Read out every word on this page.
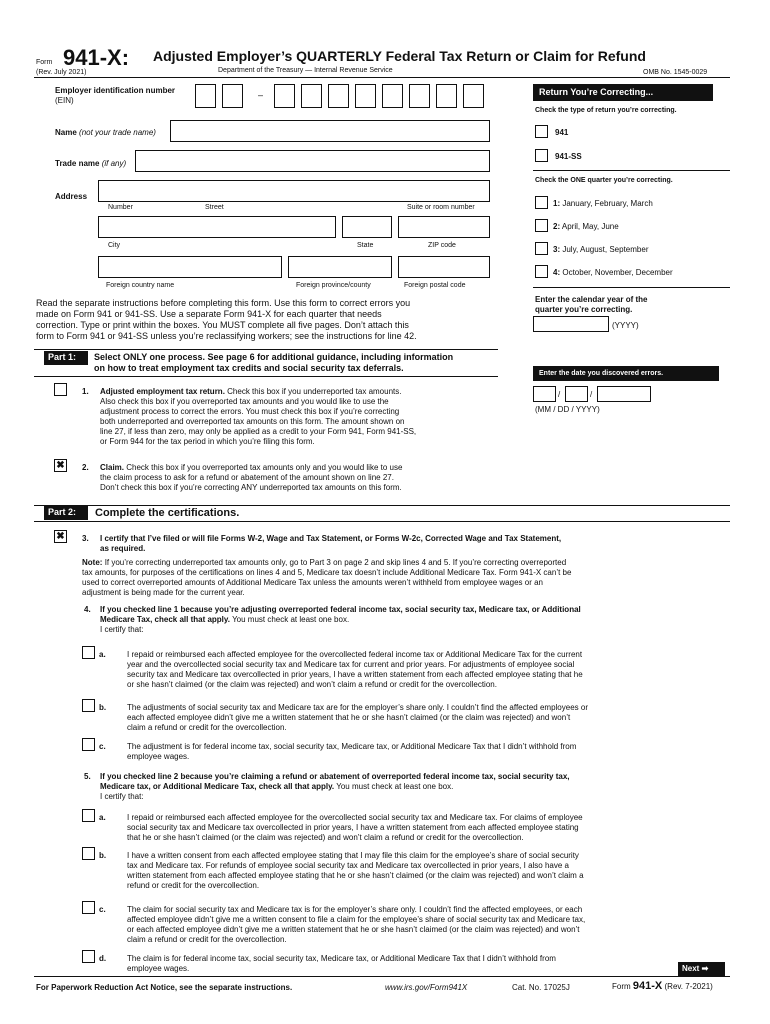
Form 941-X: Adjusted Employer’s QUARTERLY Federal Tax Return or Claim for Refund
(Rev. July 2021)	Department of the Treasury — Internal Revenue Service	OMB No. 1545-0029
Employer identification number
(EIN)
–
Name (not your trade name)
Trade name (if any)
Address
Number	Street	Suite or room number
City	State	ZIP code
Foreign country name	Foreign province/county	Foreign postal code
Return You’re Correcting...
Check the type of return you’re correcting.
941
941-SS
Check the ONE quarter you’re correcting.
1: January, February, March
2: April, May, June
3: July, August, September
4: October, November, December
Enter the calendar year of the
quarter you’re correcting.
(YYYY)
Enter the date you discovered errors.
/	/
(MM / DD / YYYY)
Read the separate instructions before completing this form. Use this form to correct errors you
made on Form 941 or 941-SS. Use a separate Form 941-X for each quarter that needs
correction. Type or print within the boxes. You MUST complete all five pages. Don’t attach this
form to Form 941 or 941-SS unless you’re reclassifying workers; see the instructions for line 42.
Part 1:	Select ONLY one process. See page 6 for additional guidance, including information
on how to treat employment tax credits and social security tax deferrals.
1. Adjusted employment tax return. Check this box if you underreported tax amounts.
Also check this box if you overreported tax amounts and you would like to use the
adjustment process to correct the errors. You must check this box if you’re correcting
both underreported and overreported tax amounts on this form. The amount shown on
line 27, if less than zero, may only be applied as a credit to your Form 941, Form 941-SS,
or Form 944 for the tax period in which you’re filing this form.
✖ 2. Claim. Check this box if you overreported tax amounts only and you would like to use
the claim process to ask for a refund or abatement of the amount shown on line 27.
Don’t check this box if you’re correcting ANY underreported tax amounts on this form.
Part 2:	Complete the certifications.
✖ 3. I certify that I’ve filed or will file Forms W-2, Wage and Tax Statement, or Forms W-2c, Corrected Wage and Tax Statement,
as required.
Note: If you’re correcting underreported tax amounts only, go to Part 3 on page 2 and skip lines 4 and 5. If you’re correcting overreported
tax amounts, for purposes of the certifications on lines 4 and 5, Medicare tax doesn’t include Additional Medicare Tax. Form 941-X can’t be
used to correct overreported amounts of Additional Medicare Tax unless the amounts weren’t withheld from employee wages or an
adjustment is being made for the current year.
4. If you checked line 1 because you’re adjusting overreported federal income tax, social security tax, Medicare tax, or Additional
Medicare Tax, check all that apply. You must check at least one box.
I certify that:
a.	I repaid or reimbursed each affected employee for the overcollected federal income tax or Additional Medicare Tax for the current
year and the overcollected social security tax and Medicare tax for current and prior years. For adjustments of employee social
security tax and Medicare tax overcollected in prior years, I have a written statement from each affected employee stating that he
or she hasn’t claimed (or the claim was rejected) and won’t claim a refund or credit for the overcollection.
b.	The adjustments of social security tax and Medicare tax are for the employer’s share only. I couldn’t find the affected employees or
each affected employee didn’t give me a written statement that he or she hasn’t claimed (or the claim was rejected) and won’t
claim a refund or credit for the overcollection.
c.	The adjustment is for federal income tax, social security tax, Medicare tax, or Additional Medicare Tax that I didn’t withhold from
employee wages.
5. If you checked line 2 because you’re claiming a refund or abatement of overreported federal income tax, social security tax,
Medicare tax, or Additional Medicare Tax, check all that apply. You must check at least one box.
I certify that:
a.	I repaid or reimbursed each affected employee for the overcollected social security tax and Medicare tax. For claims of employee
social security tax and Medicare tax overcollected in prior years, I have a written statement from each affected employee stating
that he or she hasn’t claimed (or the claim was rejected) and won’t claim a refund or credit for the overcollection.
b.	I have a written consent from each affected employee stating that I may file this claim for the employee’s share of social security
tax and Medicare tax. For refunds of employee social security tax and Medicare tax overcollected in prior years, I also have a
written statement from each affected employee stating that he or she hasn’t claimed (or the claim was rejected) and won’t claim a
refund or credit for the overcollection.
c.	The claim for social security tax and Medicare tax is for the employer’s share only. I couldn’t find the affected employees, or each
affected employee didn’t give me a written consent to file a claim for the employee’s share of social security tax and Medicare tax,
or each affected employee didn’t give me a written statement that he or she hasn’t claimed (or the claim was rejected) and won’t
claim a refund or credit for the overcollection.
d.	The claim is for federal income tax, social security tax, Medicare tax, or Additional Medicare Tax that I didn’t withhold from
employee wages.	Next ➡
For Paperwork Reduction Act Notice, see the separate instructions.	www.irs.gov/Form941X	Cat. No. 17025J	Form 941-X (Rev. 7-2021)
